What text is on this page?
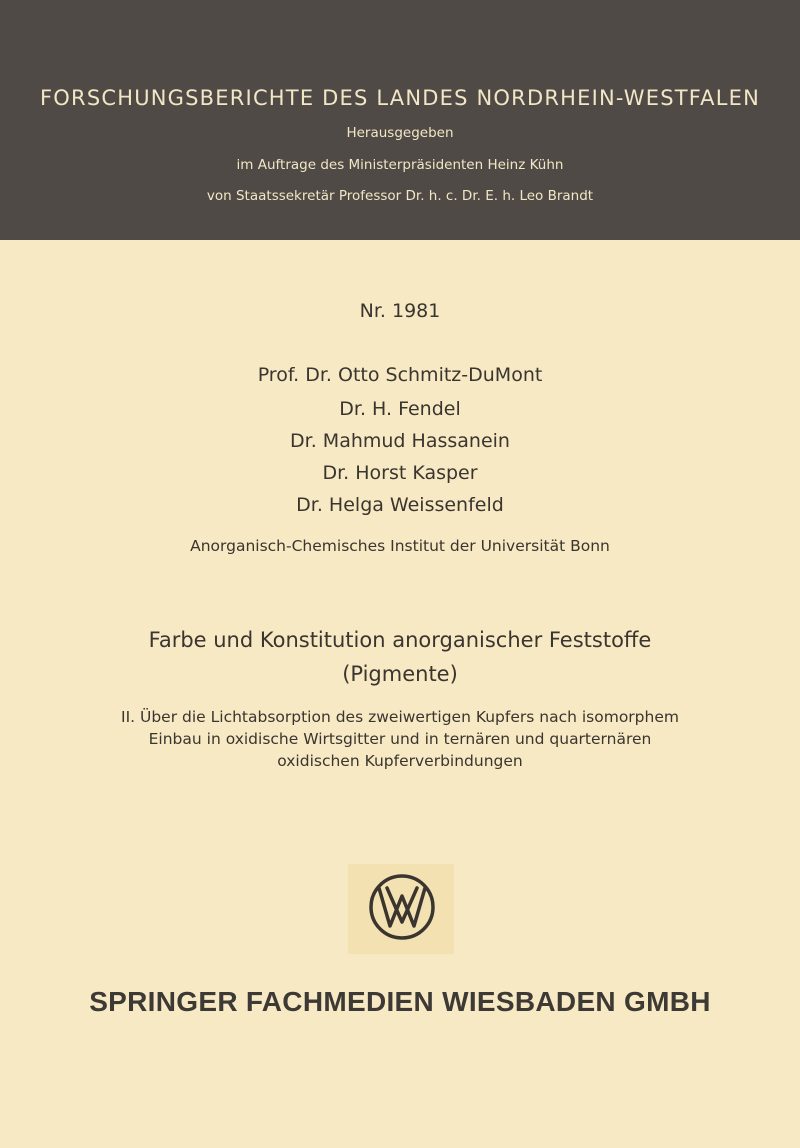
FORSCHUNGSBERICHTE DES LANDES NORDRHEIN-WESTFALEN
Herausgegeben
im Auftrage des Ministerpräsidenten Heinz Kühn
von Staatssekretär Professor Dr. h. c. Dr. E. h. Leo Brandt
Nr. 1981
Prof. Dr. Otto Schmitz-DuMont
Dr. H. Fendel
Dr. Mahmud Hassanein
Dr. Horst Kasper
Dr. Helga Weissenfeld
Anorganisch-Chemisches Institut der Universität Bonn
Farbe und Konstitution anorganischer Feststoffe
(Pigmente)
II. Über die Lichtabsorption des zweiwertigen Kupfers nach isomorphem
Einbau in oxidische Wirtsgitter und in ternären und quarternären
oxidischen Kupferverbindungen
SPRINGER FACHMEDIEN WIESBADEN GMBH
